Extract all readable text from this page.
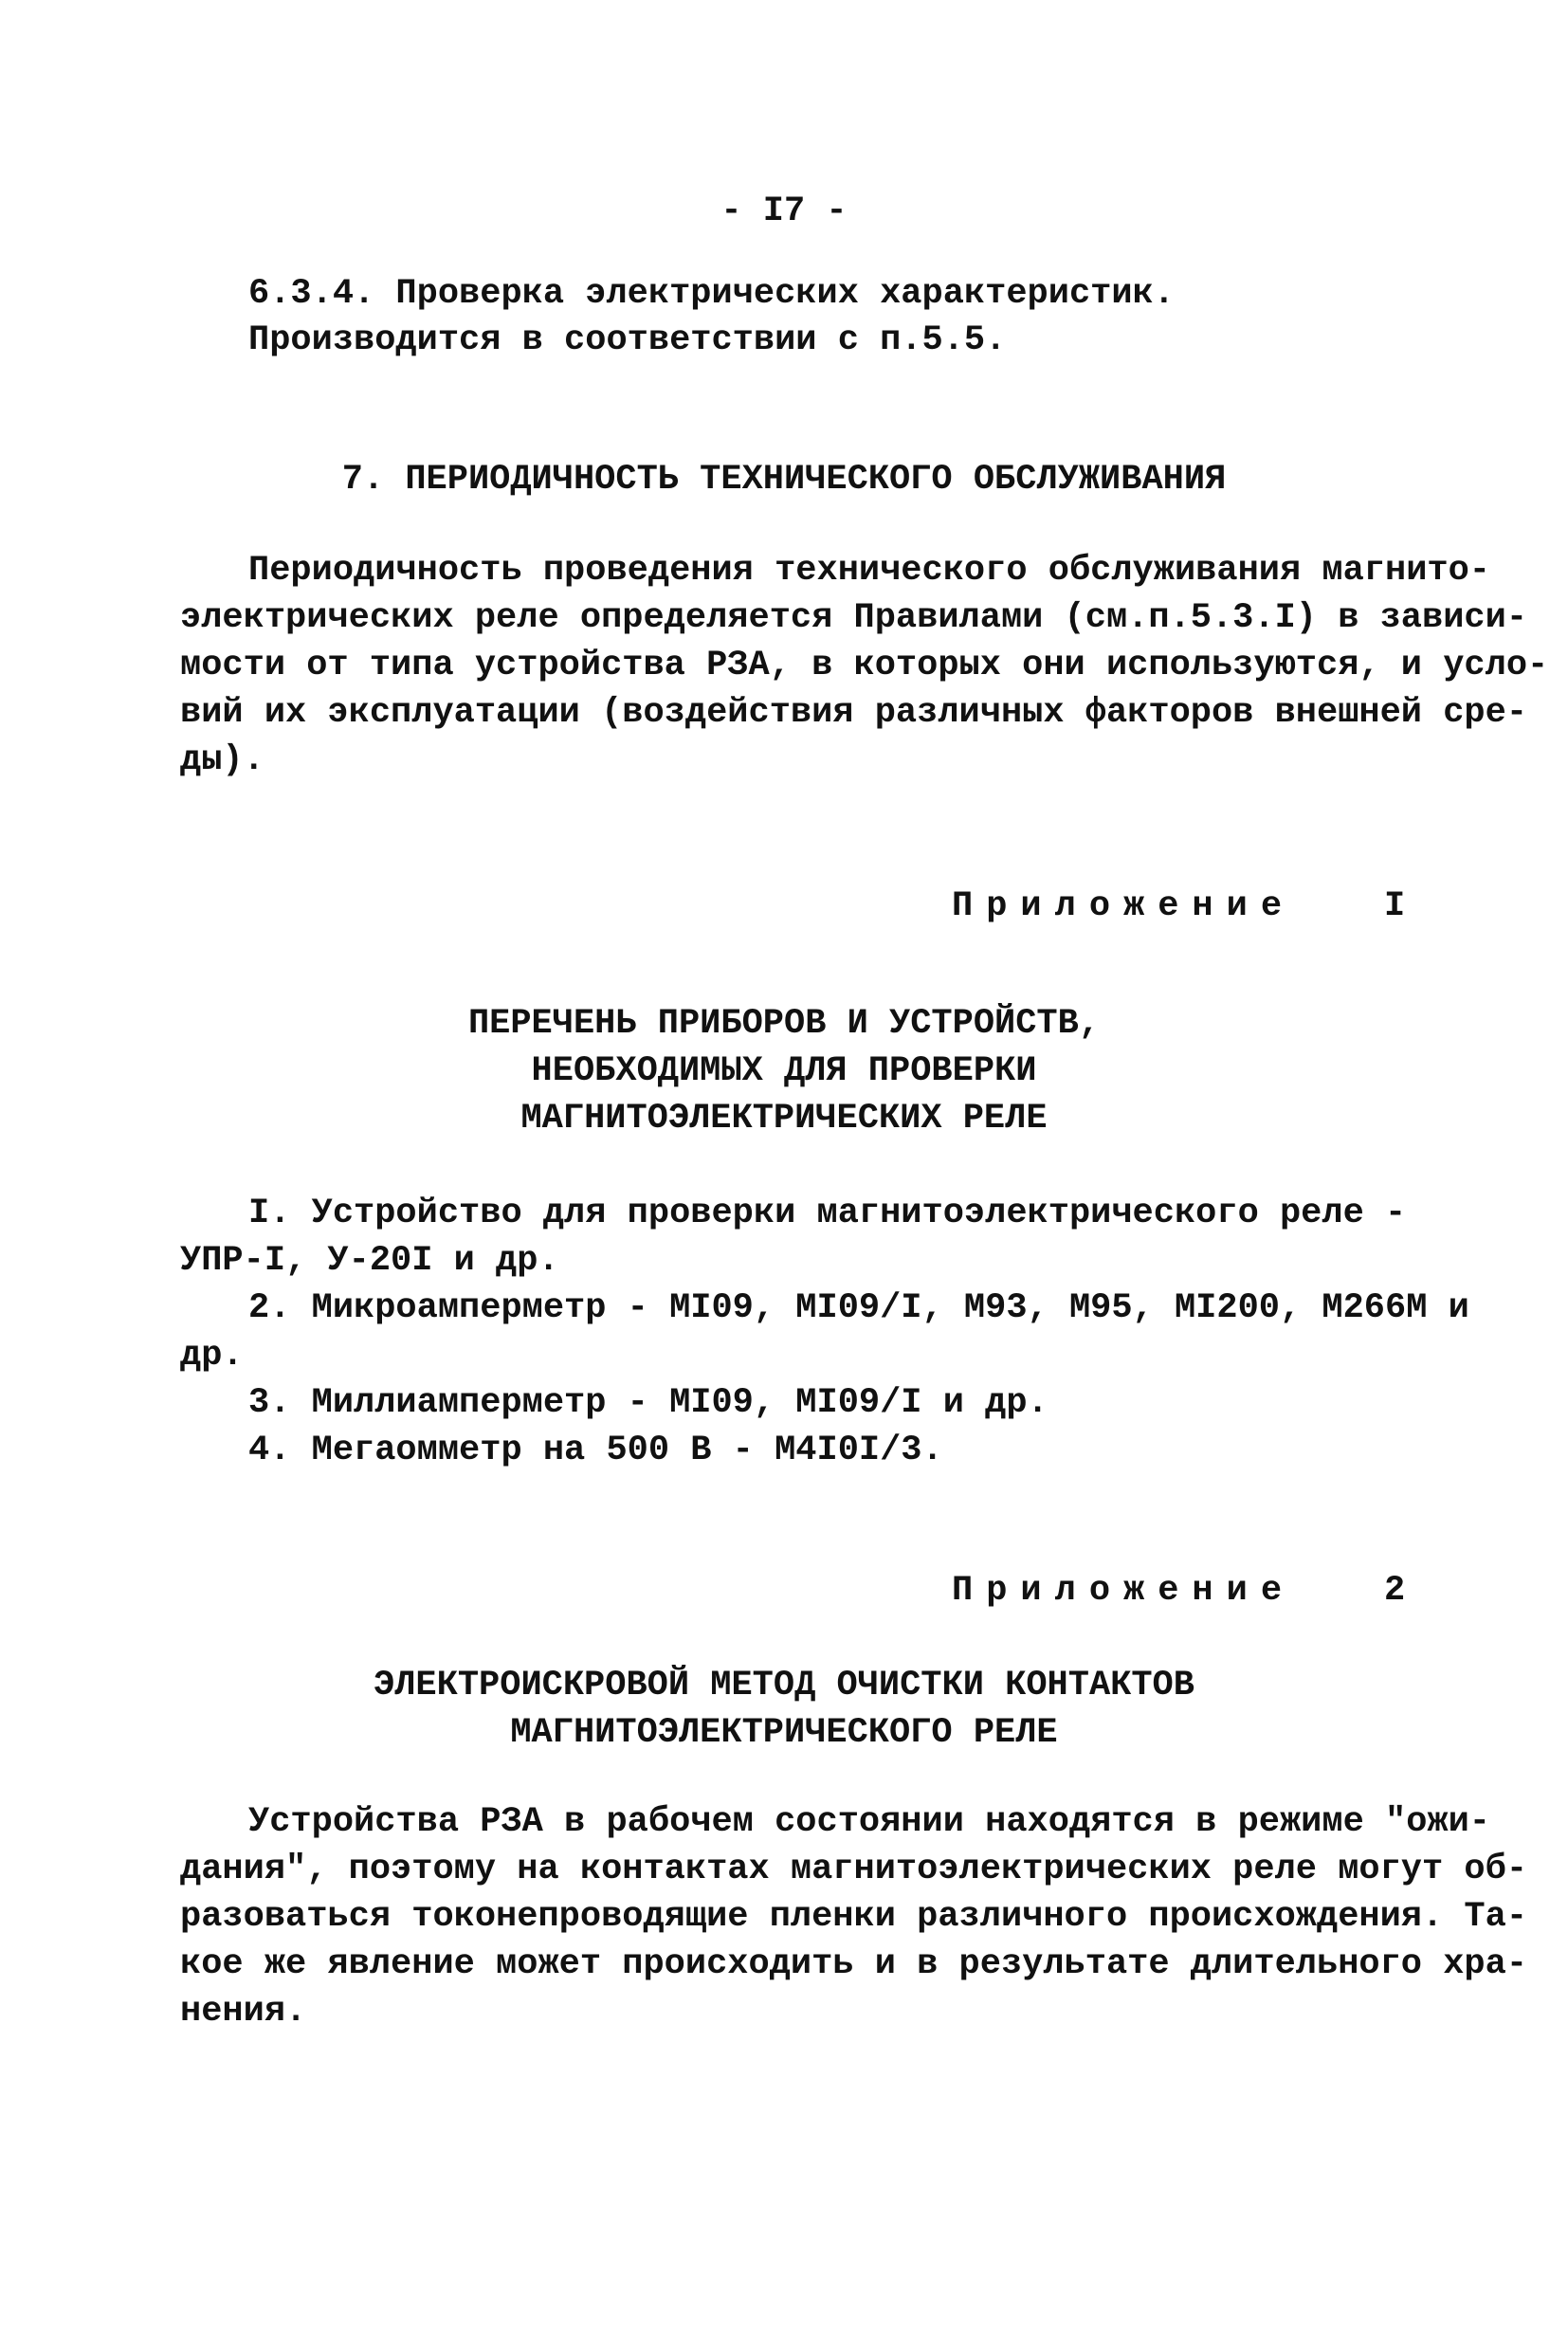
- I7 -
6.3.4. Проверка электрических характеристик.
Производится в соответствии с п.5.5.
7. ПЕРИОДИЧНОСТЬ ТЕХНИЧЕСКОГО ОБСЛУЖИВАНИЯ
Периодичность проведения технического обслуживания магнито-
электрических реле определяется Правилами (см.п.5.3.I) в зависи-
мости от типа устройства РЗА, в которых они используются, и усло-
вий их эксплуатации (воздействия различных факторов внешней сре-
ды).
Приложение	I
ПЕРЕЧЕНЬ ПРИБОРОВ И УСТРОЙСТВ,
НЕОБХОДИМЫХ ДЛЯ ПРОВЕРКИ
МАГНИТОЭЛЕКТРИЧЕСКИХ РЕЛЕ
I. Устройство для проверки магнитоэлектрического реле -
УПР-I, У-20I и др.
2. Микроамперметр - МI09, МI09/I, М93, М95, МI200, М266М и
др.
3. Миллиамперметр - МI09, МI09/I и др.
4. Мегаомметр на 500 В - М4I0I/3.
Приложение	2
ЭЛЕКТРОИСКРОВОЙ МЕТОД ОЧИСТКИ КОНТАКТОВ
МАГНИТОЭЛЕКТРИЧЕСКОГО РЕЛЕ
Устройства РЗА в рабочем состоянии находятся в режиме "ожи-
дания", поэтому на контактах магнитоэлектрических реле могут об-
разоваться токонепроводящие пленки различного происхождения. Та-
кое же явление может происходить и в результате длительного хра-
нения.
